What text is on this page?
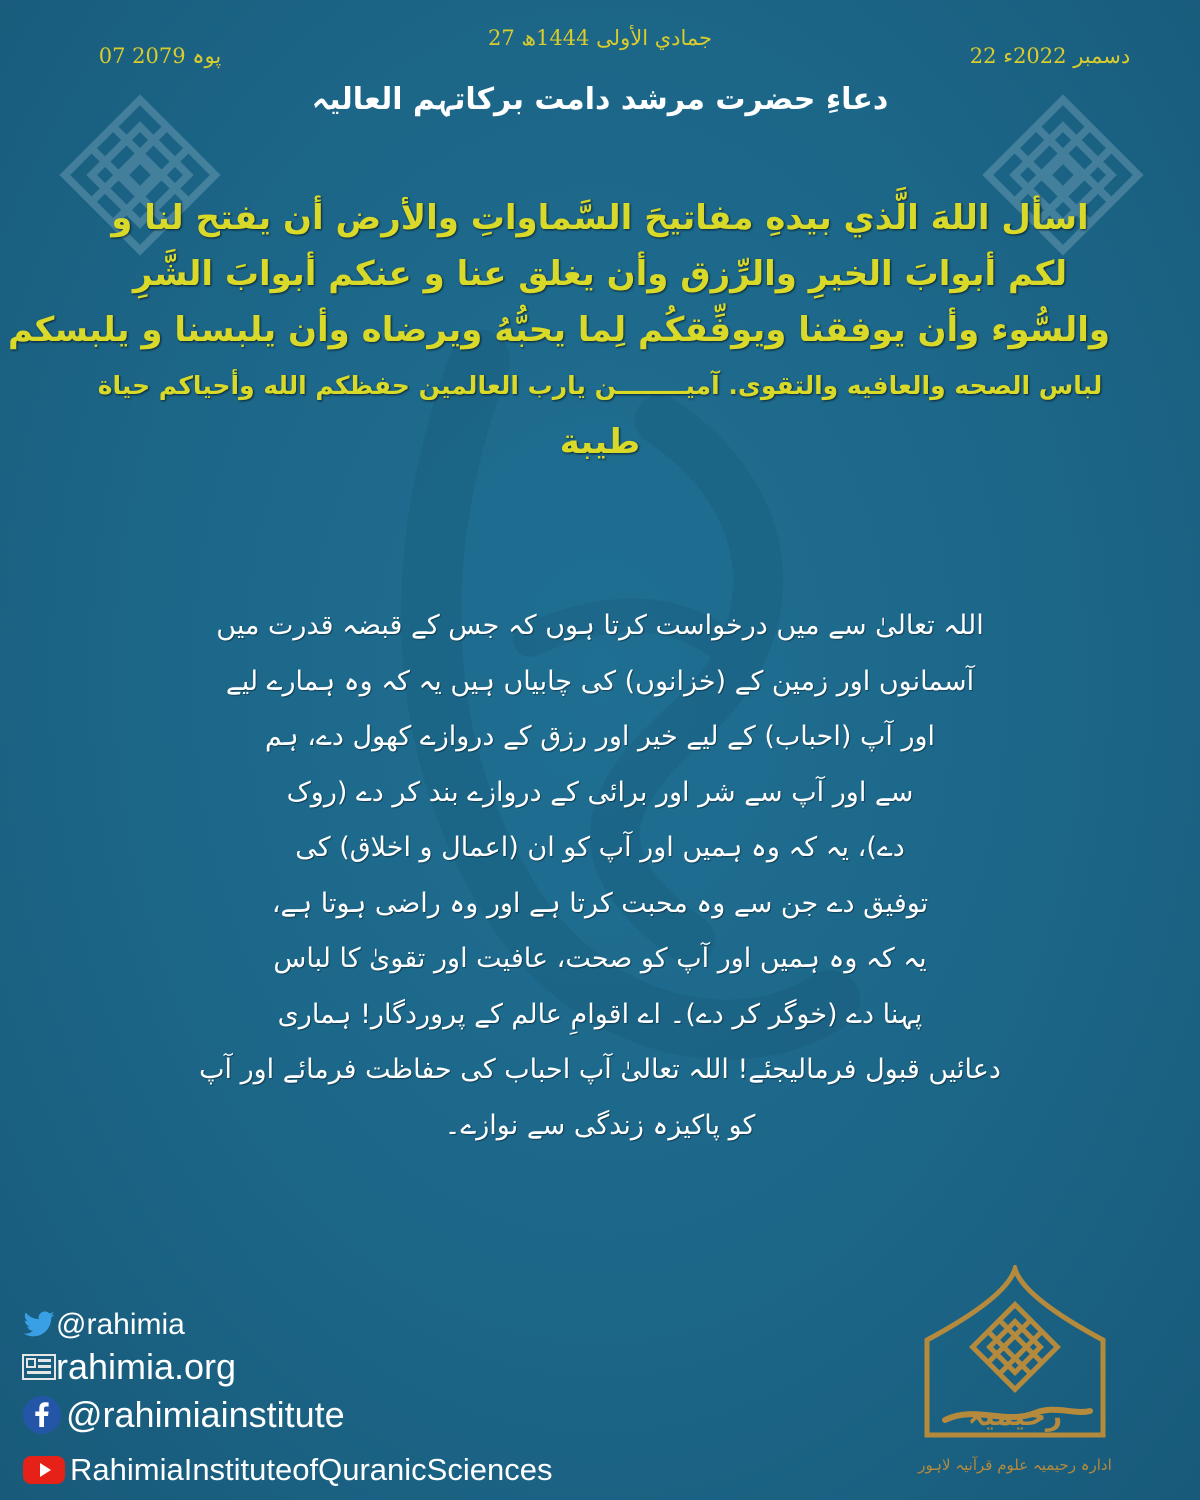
27 جمادي الأولى 1444ھ
22 دسمبر 2022ء
07 پوہ 2079
دعاءِ حضرت مرشد دامت برکاتہم العالیہ
اسأل اللهَ الَّذي بيدهِ مفاتيحَ السَّماواتِ والأرض أن يفتح لنا و
لكم أبوابَ الخيرِ والرِّزق وأن يغلق عنا و عنكم أبوابَ الشَّرِ
والسُّوء وأن يوفقنا ويوفِّقكُم لِما يحبُّهُ ويرضاه وأن يلبسنا و يلبسكم
لباس الصحه والعافيه والتقوی. آمیــــــــن یارب العالمین حفظکم الله وأحیاکم حیاة
طيبة
اللہ تعالیٰ سے میں درخواست کرتا ہوں کہ جس کے قبضہ قدرت میں
آسمانوں اور زمین کے (خزانوں) کی چابیاں ہیں یہ کہ وہ ہمارے لیے
اور آپ (احباب) کے لیے خیر اور رزق کے دروازے کھول دے، ہم
سے اور آپ سے شر اور برائی کے دروازے بند کر دے (روک
دے)، یہ کہ وہ ہمیں اور آپ کو ان (اعمال و اخلاق) کی
توفیق دے جن سے وہ محبت کرتا ہے اور وہ راضی ہوتا ہے،
یہ کہ وہ ہمیں اور آپ کو صحت، عافیت اور تقویٰ کا لباس
پہنا دے (خوگر کر دے)۔ اے اقوامِ عالم کے پروردگار! ہماری
دعائیں قبول فرمالیجئے! اللہ تعالیٰ آپ احباب کی حفاظت فرمائے اور آپ
کو پاکیزہ زندگی سے نوازے۔
@rahimia
rahimia.org
@rahimiainstitute
RahimiaInstituteofQuranicSciences
رحیمیہ
ادارہ رحیمیہ علوم قرآنیہ لاہور
